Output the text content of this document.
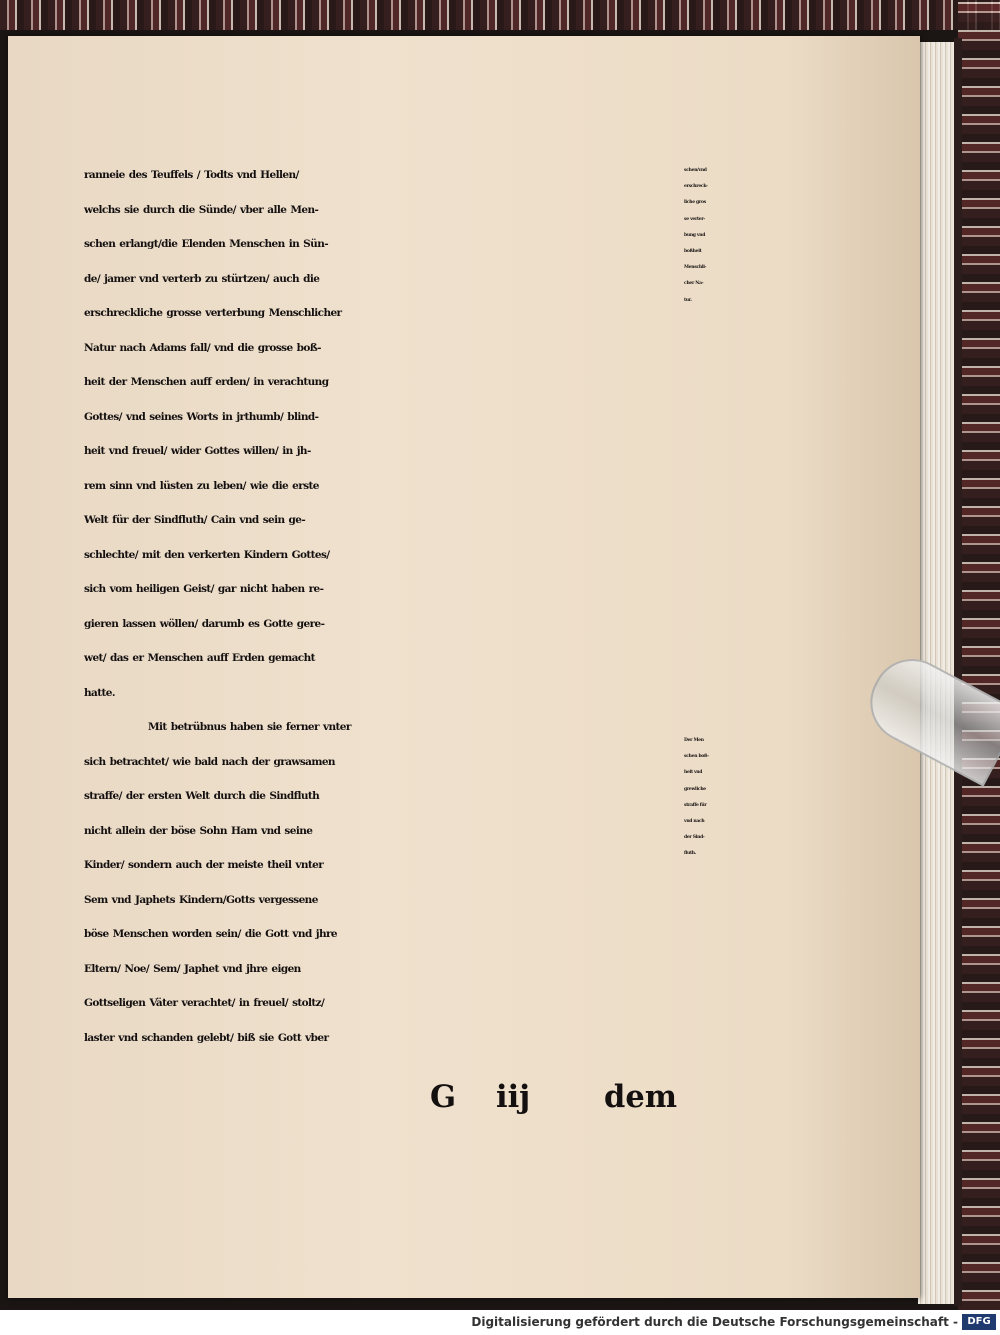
ranneie des Teuffels / Todts vnd Hellen/
welchs sie durch die Sünde/ vber alle Men-
schen erlangt/die Elenden Menschen in Sün-
de/ jamer vnd verterb zu stürtzen/ auch die
erschreckliche grosse verterbung Menschlicher
Natur nach Adams fall/ vnd die grosse boß-
heit der Menschen auff erden/ in verachtung
Gottes/ vnd seines Worts in jrthumb/ blind-
heit vnd freuel/ wider Gottes willen/ in jh-
rem sinn vnd lüsten zu leben/ wie die erste
Welt für der Sindfluth/ Cain vnd sein ge-
schlechte/ mit den verkerten Kindern Gottes/
sich vom heiligen Geist/ gar nicht haben re-
gieren lassen wöllen/ darumb es Gotte gere-
wet/ das er Menschen auff Erden gemacht
hatte.
Mit betrübnus haben sie ferner vnter
sich betrachtet/ wie bald nach der grawsamen
straffe/ der ersten Welt durch die Sindfluth
nicht allein der böse Sohn Ham vnd seine
Kinder/ sondern auch der meiste theil vnter
Sem vnd Japhets Kindern/Gotts vergessene
böse Menschen worden sein/ die Gott vnd jhre
Eltern/ Noe/ Sem/ Japhet vnd jhre eigen
Gottseligen Väter verachtet/ in freuel/ stoltz/
laster vnd schanden gelebt/ biß sie Gott vber
G iij dem
schen/vnd
erschreck-
liche gros
se verter-
bung vnd
boßheit
Menschli-
cher Na-
tur.
Der Men
schen boß-
heit vnd
grewliche
straffe für
vnd nach
der Sind-
fluth.
Digitalisierung gefördert durch die Deutsche Forschungsgemeinschaft - DFG
